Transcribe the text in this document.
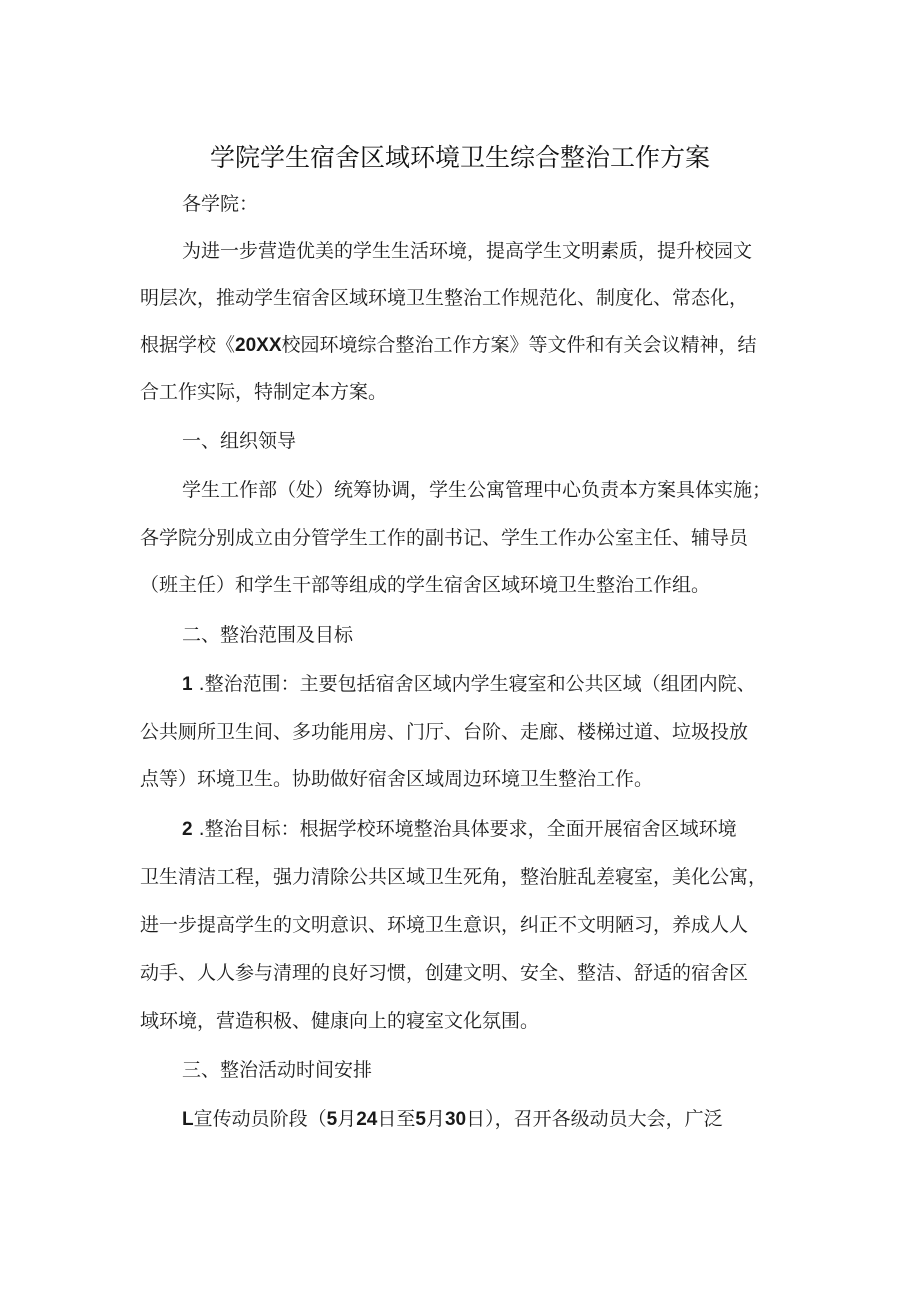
学院学生宿舍区域环境卫生综合整治工作方案
各学院：
为进一步营造优美的学生生活环境，提高学生文明素质，提升校园文
明层次，推动学生宿舍区域环境卫生整治工作规范化、制度化、常态化，
根据学校《20XX校园环境综合整治工作方案》等文件和有关会议精神，结
合工作实际，特制定本方案。
一、组织领导
学生工作部（处）统筹协调，学生公寓管理中心负责本方案具体实施；
各学院分别成立由分管学生工作的副书记、学生工作办公室主任、辅导员
（班主任）和学生干部等组成的学生宿舍区域环境卫生整治工作组。
二、整治范围及目标
1 .整治范围：主要包括宿舍区域内学生寝室和公共区域（组团内院、
公共厕所卫生间、多功能用房、门厅、台阶、走廊、楼梯过道、垃圾投放
点等）环境卫生。协助做好宿舍区域周边环境卫生整治工作。
2 .整治目标：根据学校环境整治具体要求，全面开展宿舍区域环境
卫生清洁工程，强力清除公共区域卫生死角，整治脏乱差寝室，美化公寓，
进一步提高学生的文明意识、环境卫生意识，纠正不文明陋习，养成人人
动手、人人参与清理的良好习惯，创建文明、安全、整洁、舒适的宿舍区
域环境，营造积极、健康向上的寝室文化氛围。
三、整治活动时间安排
L宣传动员阶段（5月24日至5月30日），召开各级动员大会，广泛
